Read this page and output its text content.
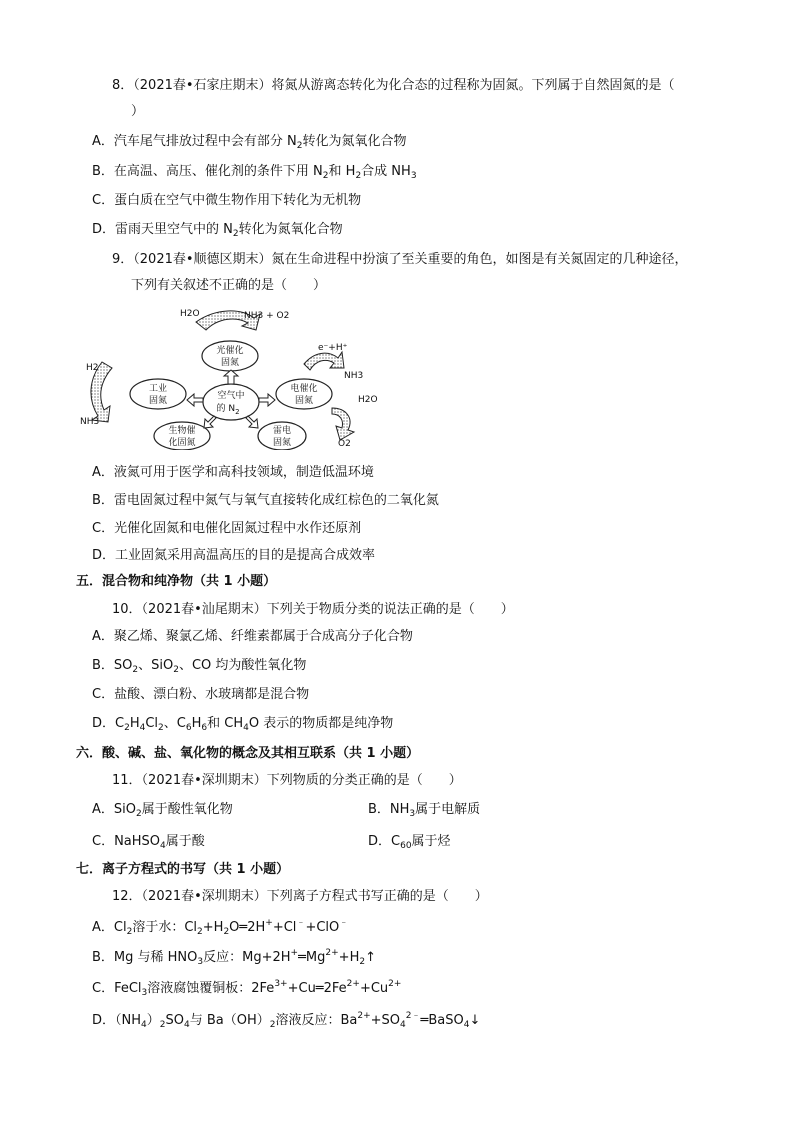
8．（2021春•石家庄期末）将氮从游离态转化为化合态的过程称为固氮。下列属于自然固氮的是（
）
A．汽车尾气排放过程中会有部分 $N_2$转化为氮氧化合物
B．在高温、高压、催化剂的条件下用 $N_2$和 $H_2$合成 $NH_3$
C．蛋白质在空气中微生物作用下转化为无机物
D．雷雨天里空气中的 $N_2$转化为氮氧化合物
9．（2021春•顺德区期末）氮在生命进程中扮演了至关重要的角色，如图是有关氮固定的几种途径，
下列有关叙述不正确的是（　　）
H2O	NH3 + O2
H2
NH3
e⁻+H⁺
NH3
H2O
O2
光催化
固氮
工业
固氮
电催化
固氮
空气中
的 $N_2$
生物催
化固氮
雷电
固氮
A．液氮可用于医学和高科技领域，制造低温环境
B．雷电固氮过程中氮气与氧气直接转化成红棕色的二氧化氮
C．光催化固氮和电催化固氮过程中水作还原剂
D．工业固氮采用高温高压的目的是提高合成效率
五．混合物和纯净物（共 1 小题）
10．（2021春•汕尾期末）下列关于物质分类的说法正确的是（　　）
A．聚乙烯、聚氯乙烯、纤维素都属于合成高分子化合物
B．$SO_2$、SiO$_2$、CO 均为酸性氧化物
C．盐酸、漂白粉、水玻璃都是混合物
D．$C_2H_4Cl_2$、$C_6H_6$和 $CH_4O$ 表示的物质都是纯净物
六．酸、碱、盐、氧化物的概念及其相互联系（共 1 小题）
11．（2021春•深圳期末）下列物质的分类正确的是（　　）
A．SiO$_2$属于酸性氧化物	B．$NH_3$属于电解质
C．NaHSO$_4$属于酸	D．$C_{60}$属于烃
七．离子方程式的书写（共 1 小题）
12．（2021春•深圳期末）下列离子方程式书写正确的是（　　）
A．$Cl_2$溶于水：$Cl_2+H_2O═2H^++Cl^﹣+ClO^﹣$
B．Mg 与稀 $HNO_3$反应：$Mg+2H^+═Mg^{2+}+H_2↑$
C．FeCl$_3$溶液腐蚀覆铜板：$2Fe^{3+}+Cu═2Fe^{2+}+Cu^{2+}$
D．$(NH_4)_2SO_4$与 $Ba(OH)_2$溶液反应：$Ba^{2+}+SO_4^{2﹣}═BaSO_4↓$
